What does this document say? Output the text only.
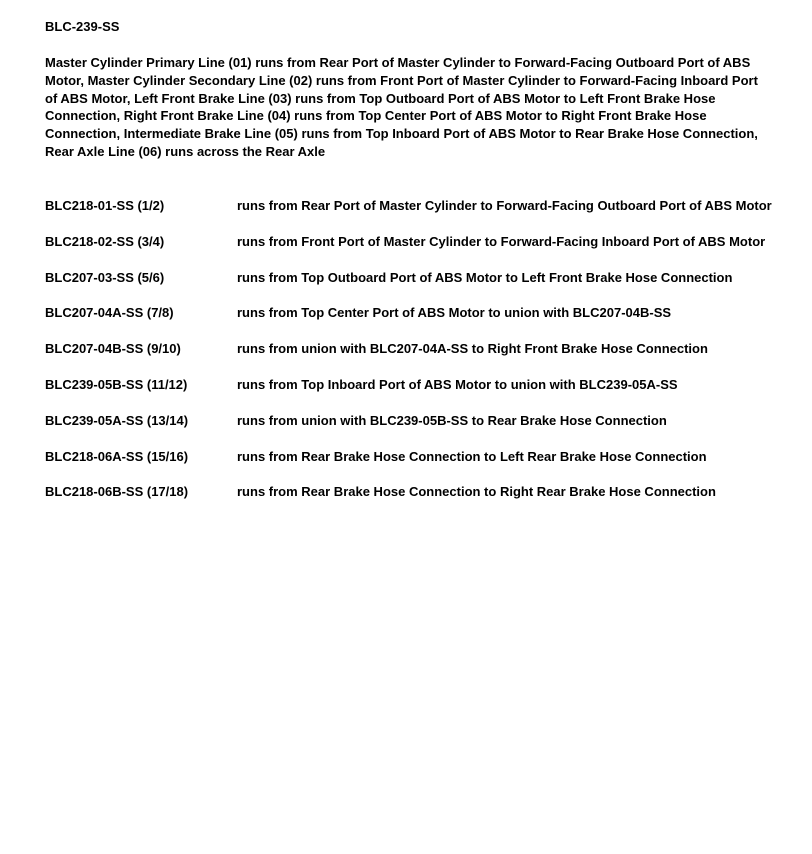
BLC-239-SS

Master Cylinder Primary Line (01) runs from Rear Port of Master Cylinder to Forward-Facing Outboard Port of ABS Motor, Master Cylinder Secondary Line (02) runs from Front Port of Master Cylinder to Forward-Facing Inboard Port of ABS Motor, Left Front Brake Line (03) runs from Top Outboard Port of ABS Motor to Left Front Brake Hose Connection, Right Front Brake Line (04) runs from Top Center Port of ABS Motor to Right Front Brake Hose Connection, Intermediate Brake Line (05) runs from Top Inboard Port of ABS Motor to Rear Brake Hose Connection, Rear Axle Line (06) runs across the Rear Axle

BLC218-01-SS (1/2)	runs from Rear Port of Master Cylinder to Forward-Facing Outboard Port of ABS Motor
BLC218-02-SS (3/4)	runs from Front Port of Master Cylinder to Forward-Facing Inboard Port of ABS Motor
BLC207-03-SS (5/6)	runs from Top Outboard Port of ABS Motor to Left Front Brake Hose Connection
BLC207-04A-SS (7/8)	runs from Top Center Port of ABS Motor to union with BLC207-04B-SS
BLC207-04B-SS (9/10)	runs from union with BLC207-04A-SS to Right Front Brake Hose Connection
BLC239-05B-SS (11/12)	runs from Top Inboard Port of ABS Motor to union with BLC239-05A-SS
BLC239-05A-SS (13/14)	runs from union with BLC239-05B-SS to Rear Brake Hose Connection
BLC218-06A-SS (15/16)	runs from Rear Brake Hose Connection to Left Rear Brake Hose Connection
BLC218-06B-SS (17/18)	runs from Rear Brake Hose Connection to Right Rear Brake Hose Connection
